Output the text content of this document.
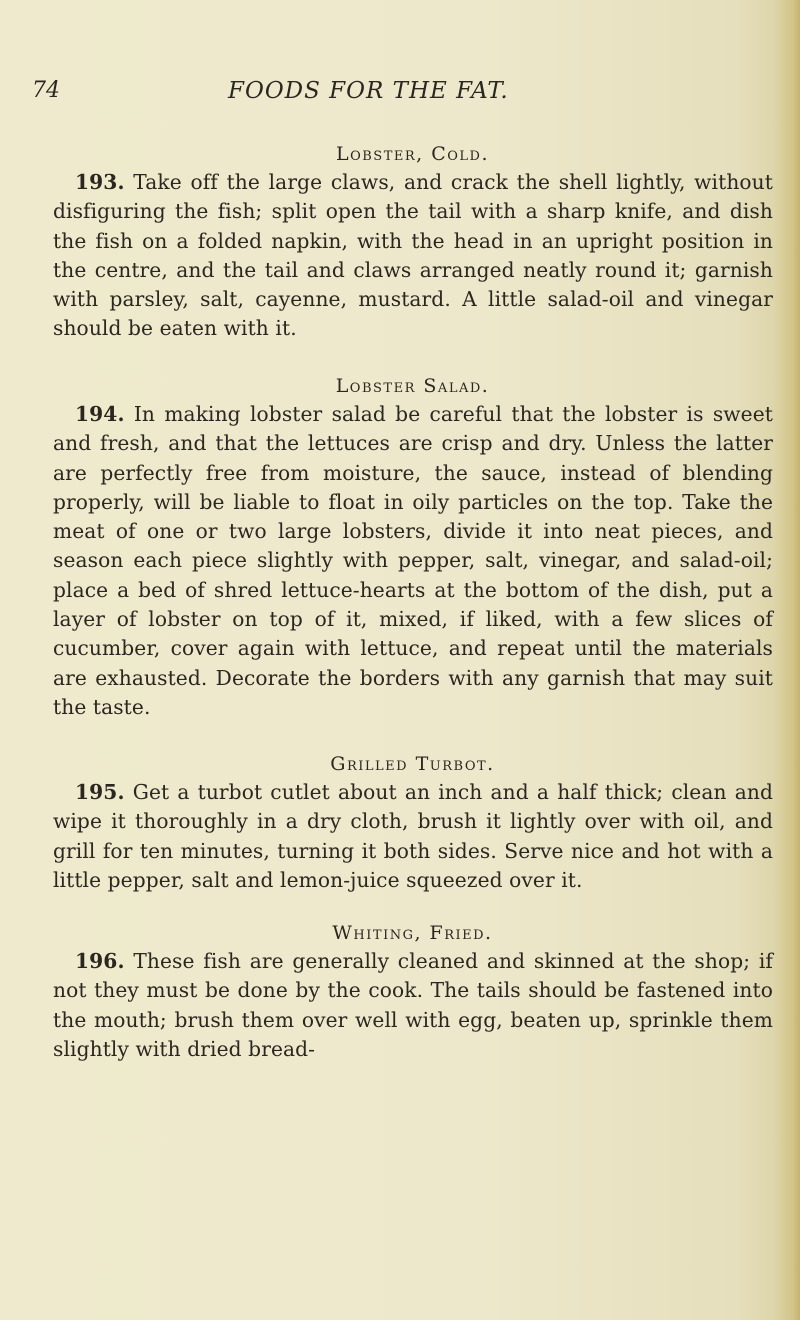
74	FOODS FOR THE FAT.
Lobster, Cold.

193. Take off the large claws, and crack the shell lightly, without disfiguring the fish; split open the tail with a sharp knife, and dish the fish on a folded napkin, with the head in an upright position in the centre, and the tail and claws arranged neatly round it; garnish with parsley, salt, cayenne, mustard. A little salad-oil and vinegar should be eaten with it.

Lobster Salad.

194. In making lobster salad be careful that the lobster is sweet and fresh, and that the lettuces are crisp and dry. Unless the latter are perfectly free from moisture, the sauce, instead of blending properly, will be liable to float in oily particles on the top. Take the meat of one or two large lobsters, divide it into neat pieces, and season each piece slightly with pepper, salt, vinegar, and salad-oil; place a bed of shred lettuce-hearts at the bottom of the dish, put a layer of lobster on top of it, mixed, if liked, with a few slices of cucumber, cover again with lettuce, and repeat until the materials are exhausted. Decorate the borders with any garnish that may suit the taste.

Grilled Turbot.

195. Get a turbot cutlet about an inch and a half thick; clean and wipe it thoroughly in a dry cloth, brush it lightly over with oil, and grill for ten minutes, turning it both sides. Serve nice and hot with a little pepper, salt and lemon-juice squeezed over it.

Whiting, Fried.

196. These fish are generally cleaned and skinned at the shop; if not they must be done by the cook. The tails should be fastened into the mouth; brush them over well with egg, beaten up, sprinkle them slightly with dried bread-
